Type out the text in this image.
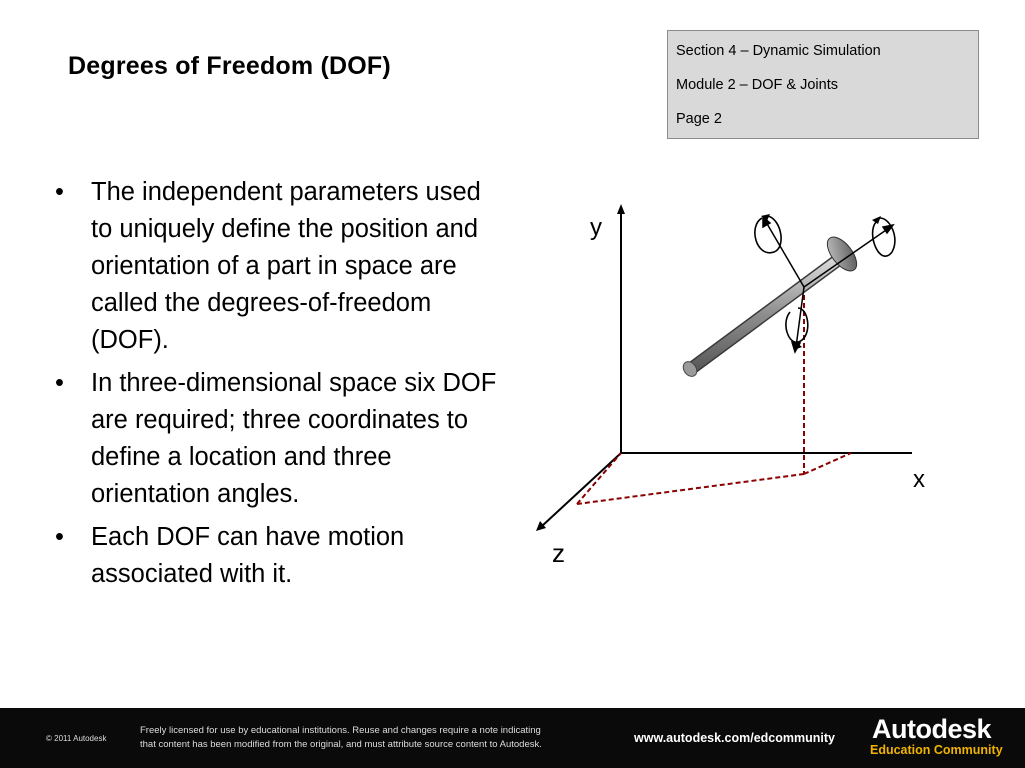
Degrees of Freedom (DOF)
Section 4 – Dynamic Simulation
Module 2 – DOF & Joints
Page 2
• The independent parameters used to uniquely define the position and orientation of a part in space are called the degrees-of-freedom (DOF).
• In three-dimensional space six DOF are required; three coordinates to define a location and three orientation angles.
• Each DOF can have motion associated with it.
y
x
z
© 2011 Autodesk
Freely licensed for use by educational institutions. Reuse and changes require a note indicating
that content has been modified from the original, and must attribute source content to Autodesk.	www.autodesk.com/edcommunity Autodesk
Education Community
